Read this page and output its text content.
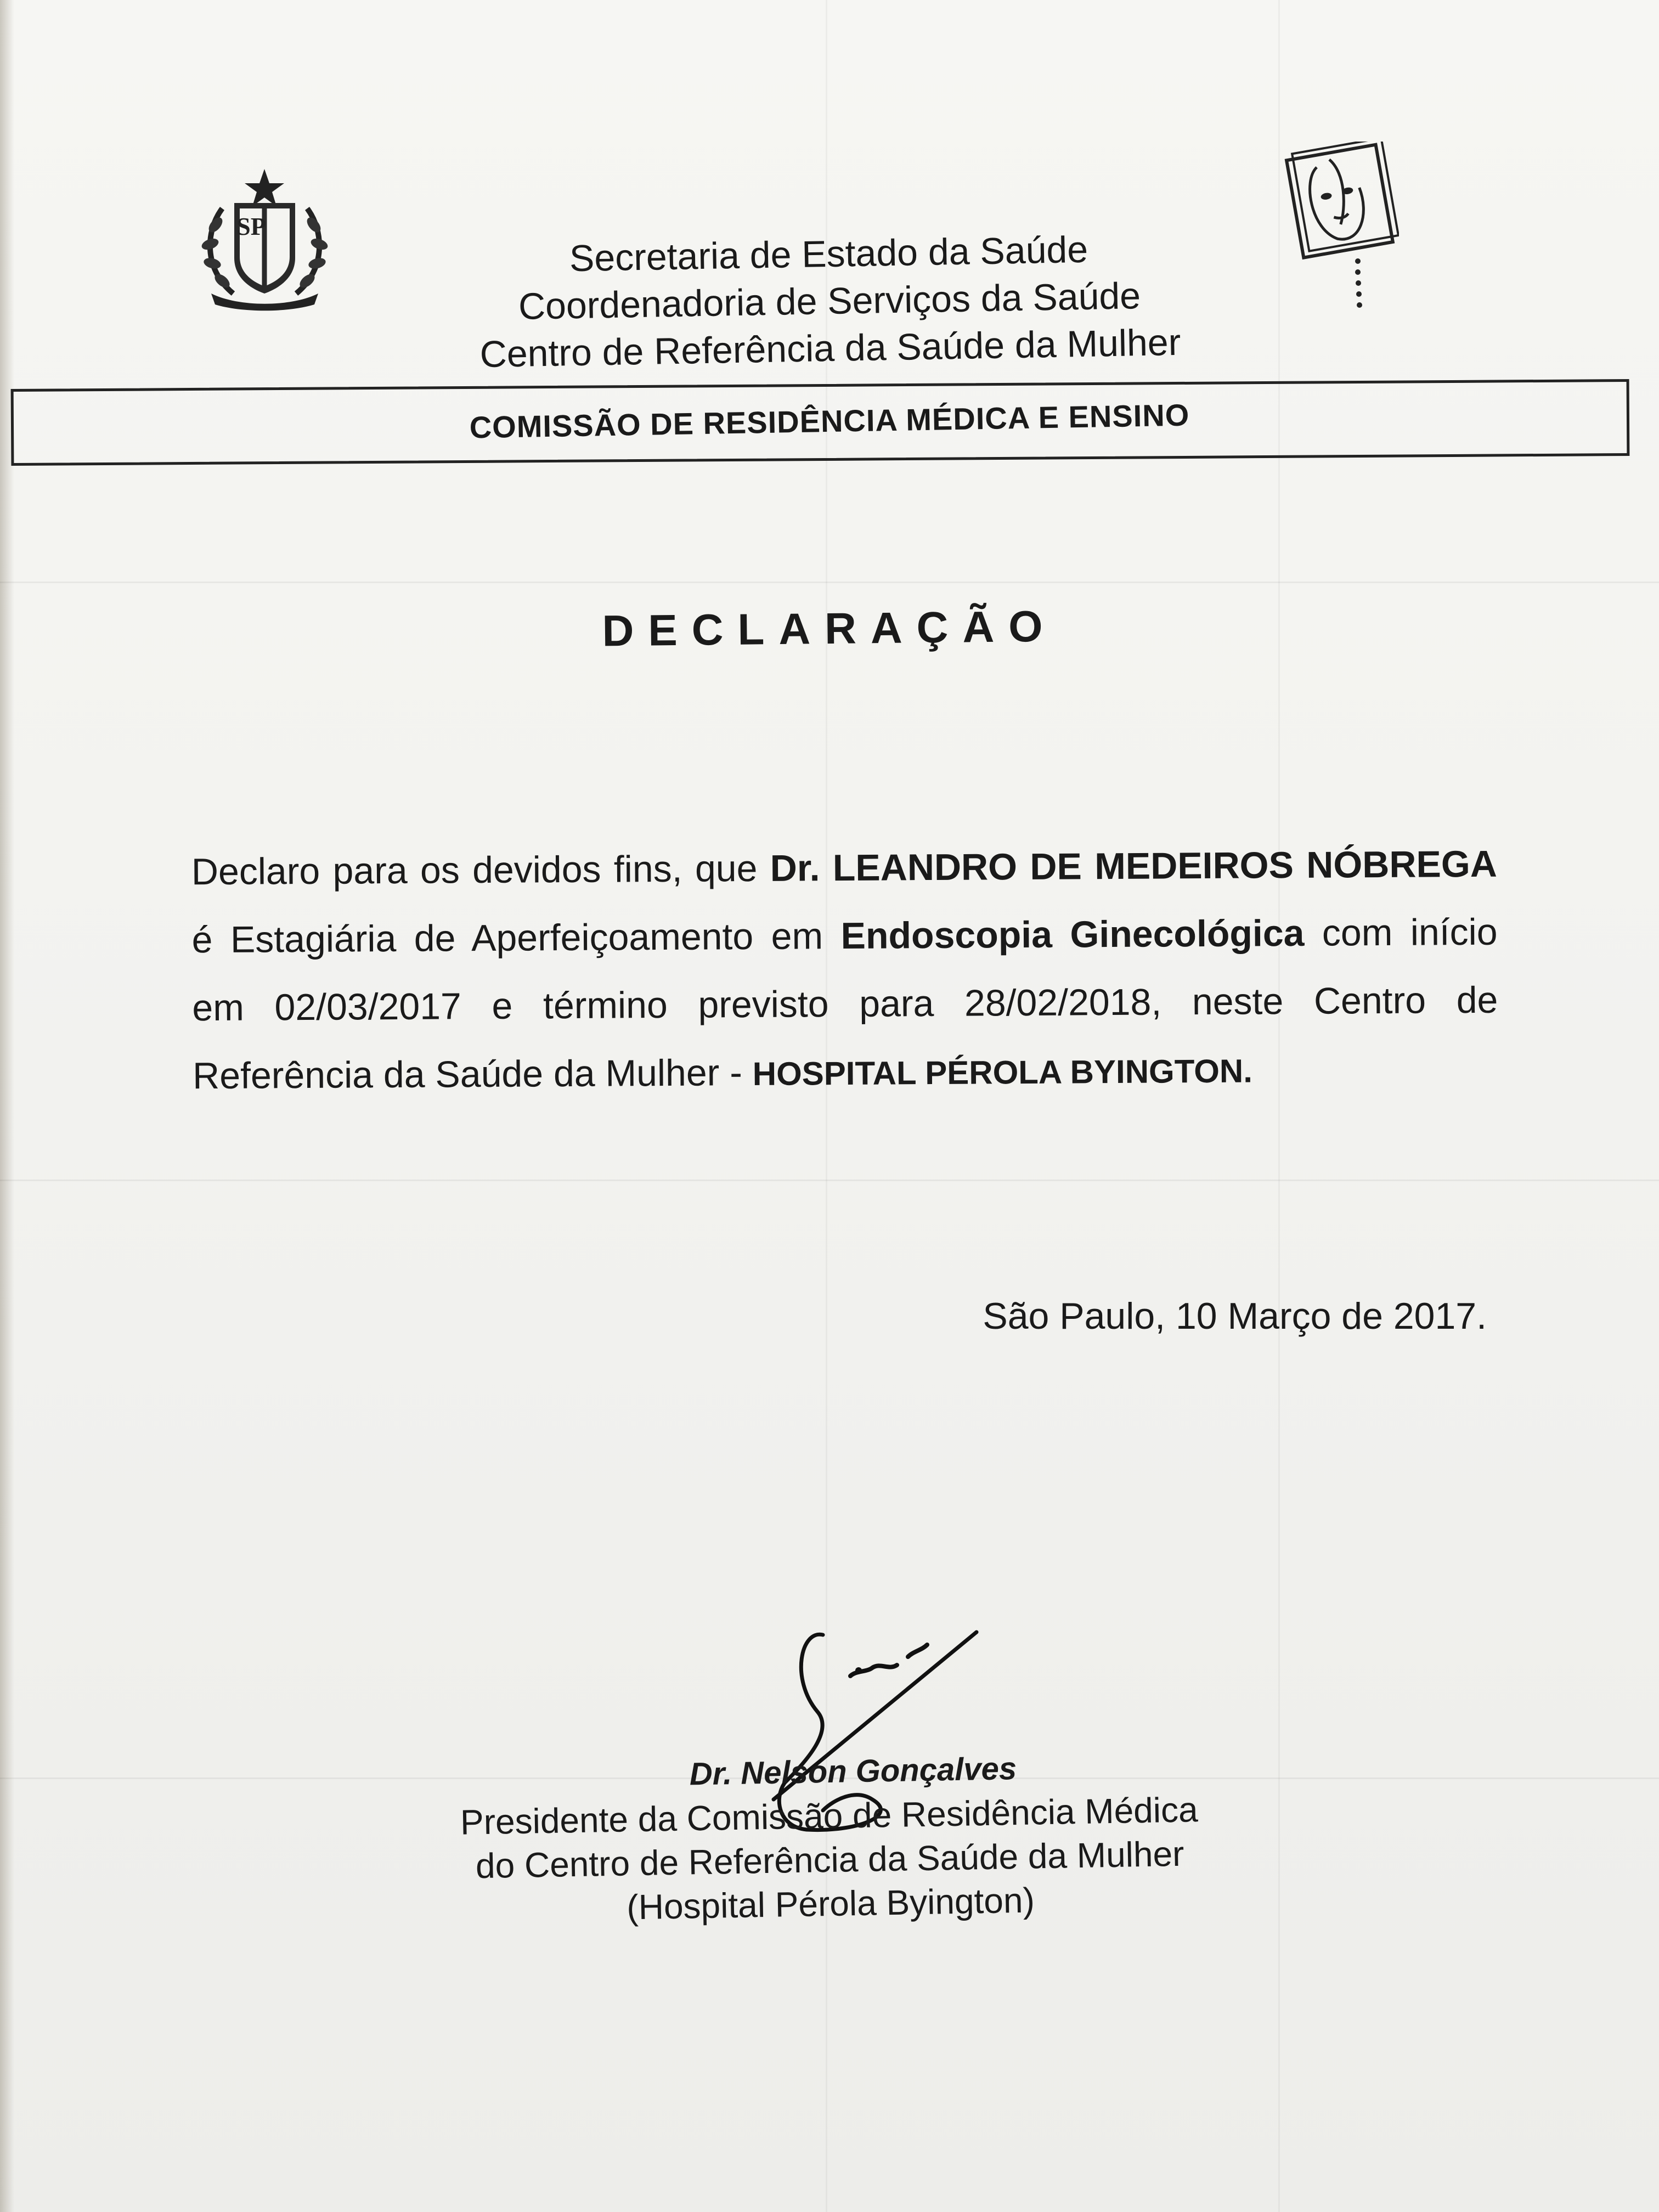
SP
Secretaria de Estado da Saúde
Coordenadoria de Serviços da Saúde
Centro de Referência da Saúde da Mulher
COMISSÃO DE RESIDÊNCIA MÉDICA E ENSINO
DECLARAÇÃO
Declaro para os devidos fins, que Dr. LEANDRO DE MEDEIROS NÓBREGA é Estagiária de Aperfeiçoamento em Endoscopia Ginecológica com início em 02/03/2017 e término previsto para 28/02/2018, neste Centro de Referência da Saúde da Mulher - HOSPITAL PÉROLA BYINGTON.
São Paulo, 10 Março de 2017.
Dr. Nelson Gonçalves
Presidente da Comissão de Residência Médica
do Centro de Referência da Saúde da Mulher
(Hospital Pérola Byington)
